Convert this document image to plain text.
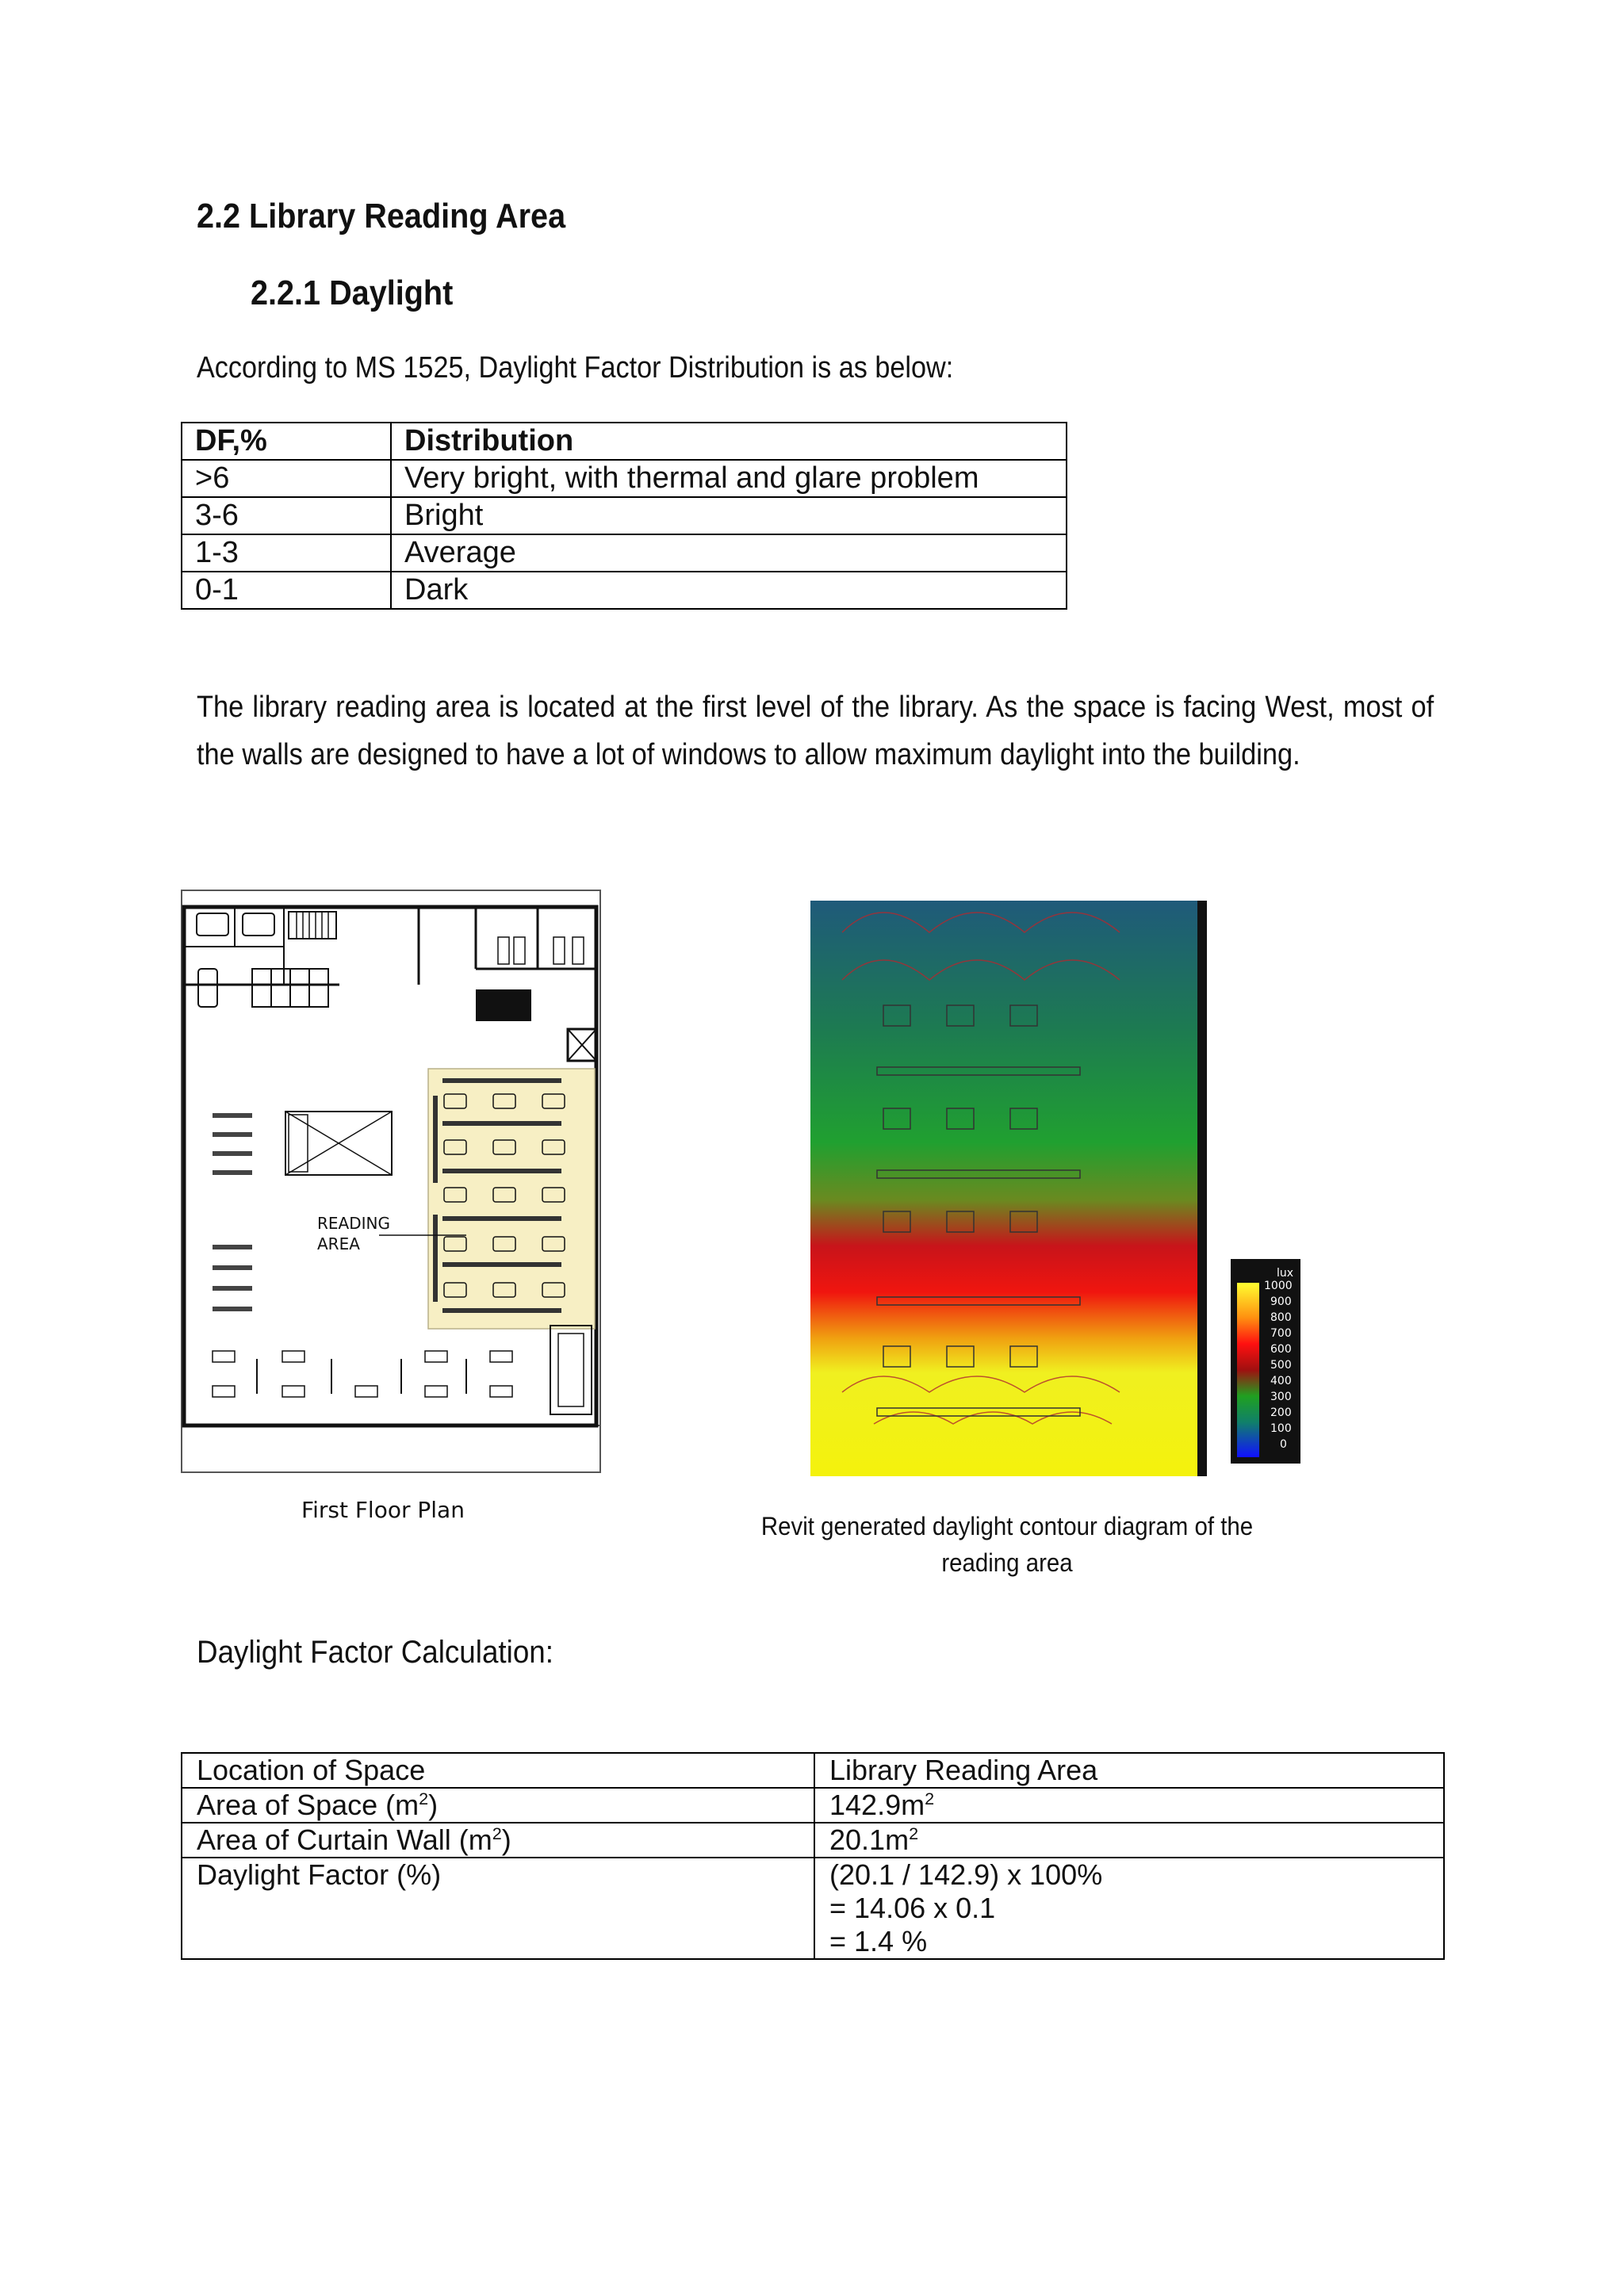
2.2 Library Reading Area
2.2.1 Daylight
According to MS 1525, Daylight Factor Distribution is as below:
DF,%	Distribution
>6	Very bright, with thermal and glare problem
3-6	Bright
1-3	Average
0-1	Dark
The library reading area is located at the first level of the library. As the space is facing West, most of
the walls are designed to have a lot of windows to allow maximum daylight into the building.
READING
AREA
First Floor Plan
lux
1000
900
800
700
600
500
400
300
200
100
0
Revit generated daylight contour diagram of the
reading area
Daylight Factor Calculation:
Location of Space	Library Reading Area
Area of Space $(m^2)$	$142.9m^2$
Area of Curtain Wall $(m^2)$	$20.1m^2$
Daylight Factor (%)	(20.1 / 142.9) x 100%
= 14.06 x 0.1
= 1.4 %
